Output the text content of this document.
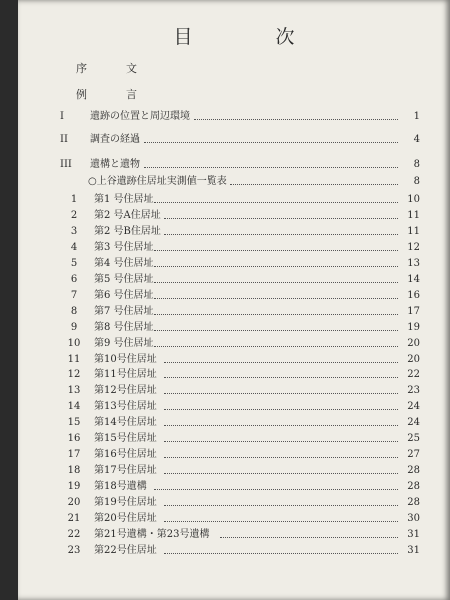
目　次
序　文
例　言
I	遺跡の位置と周辺環境	1
II	調査の経過	4
III	遺構と遺物	8
○上谷遺跡住居址実測値一覧表	8
1	第1 号住居址	10
2	第2 号A住居址	11
3	第2 号B住居址	11
4	第3 号住居址	12
5	第4 号住居址	13
6	第5 号住居址	14
7	第6 号住居址	16
8	第7 号住居址	17
9	第8 号住居址	19
10	第9 号住居址	20
11	第10号住居址	20
12	第11号住居址	22
13	第12号住居址	23
14	第13号住居址	24
15	第14号住居址	24
16	第15号住居址	25
17	第16号住居址	27
18	第17号住居址	28
19	第18号遺構	28
20	第19号住居址	28
21	第20号住居址	30
22	第21号遺構・第23号遺構	31
23	第22号住居址	31
